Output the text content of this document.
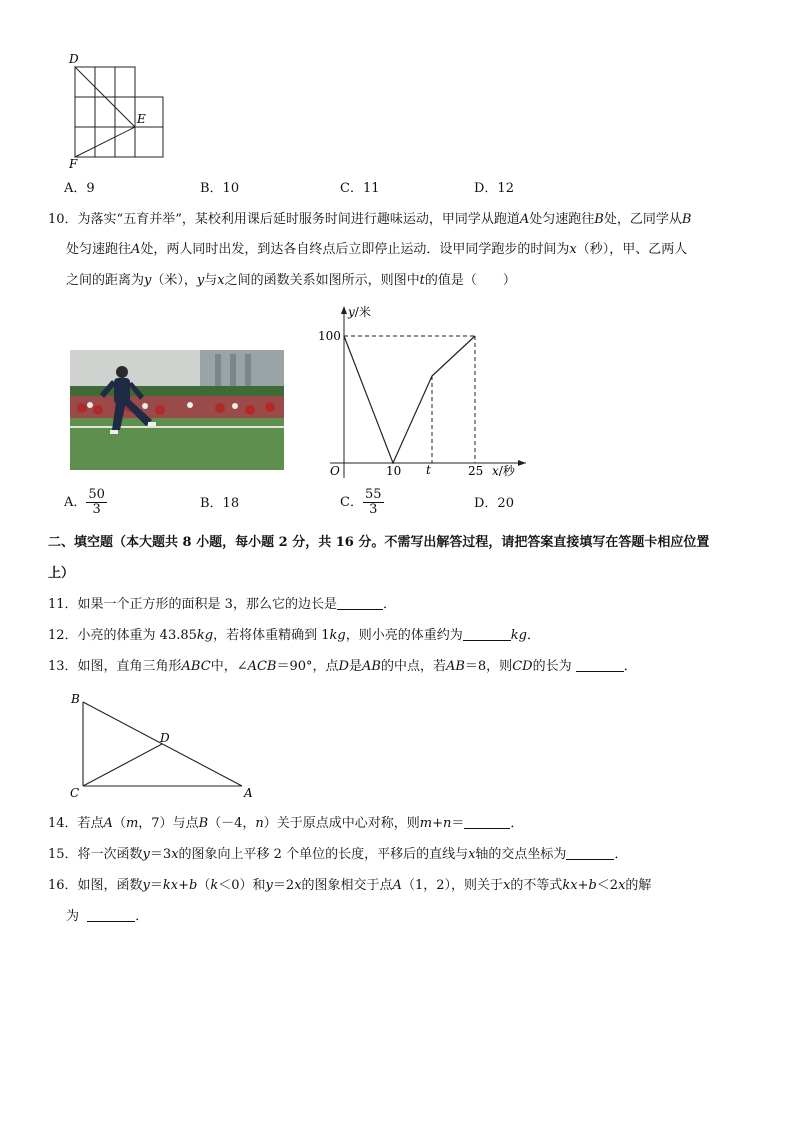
D
E
F
A．9	B．10	C．11	D．12
10．为落实“五育并举”，某校利用课后延时服务时间进行趣味运动，甲同学从跑道A处匀速跑往B处，乙同学从B
处匀速跑往A处，两人同时出发，到达各自终点后立即停止运动．设甲同学跑步的时间为x（秒），甲、乙两人
之间的距离为y（米），y与x之间的函数关系如图所示，则图中t的值是（　　）
y/米
100
O	10 t	25 x/秒
A． $\frac{50}{3}$	B．18	C． $\frac{55}{3}$	D．20
二、填空题（本大题共 8 小题，每小题 2 分，共 16 分。不需写出解答过程，请把答案直接填写在答题卡相应位置
上）
11．如果一个正方形的面积是 3，那么它的边长是	．
12．小亮的体重为 43.85kg，若将体重精确到 1kg，则小亮的体重约为	kg．
13．如图，直角三角形ABC中，∠ACB＝90°，点D是AB的中点，若AB＝8，则CD的长为	．
B
D
C	A
14．若点A（m，7）与点B（－4，n）关于原点成中心对称，则m+n＝	．
15．将一次函数y＝3x的图象向上平移 2 个单位的长度，平移后的直线与x轴的交点坐标为	．
16．如图，函数y＝kx+b（k＜0）和y＝2x的图象相交于点A（1，2），则关于x的不等式kx+b＜2x的解
为	．
